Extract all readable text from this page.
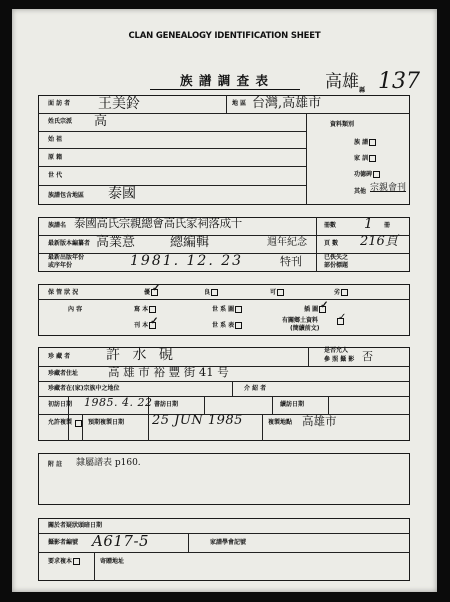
CLAN GENEALOGY IDENTIFICATION SHEET
族 譜 調 查 表	高雄 縣 137
面 訪 者 王美鈴	地 區 台灣,高雄市
姓氏宗派 高
始 祖
原 籍
世 代
族譜包含地區 泰國
資料類別
族 譜
家 訓
功德碑
其他 宗親會刊
族譜名 泰國高氏宗親總會高氏家祠落成十	冊數 1 冊
最新版本編纂者 高業意	總編輯	週年紀念	頁 數 216頁
最新出版年份
或序年份	1981. 12. 23	特刊	已佚失之
部份標題
保 管 狀 況	優 ✓	良	可	劣
內 容	寫 本	世 系 圖	插 圖 ✓
刊 本 ✓	世 系 表
有關鄉土資料 ✓
(簡續前文)
珍 藏 者	許 水 硯	是否允人
參 照 攝 影 否
珍藏者住址	高 雄 市 裕 豐 街 41 号
珍藏者在(家)宗族中之地位	介 紹 者
初訪日期 1985. 4. 22 書訪日期	續訪日期
允許複製	預期複製日期 25 JUN 1985	複製地點 高雄市
附 註 隸屬譜表 p160.
關於者疑狀頭暗日期
攝影者編號 A617-5	家譜學會記號
要求複本	寄贈地址
